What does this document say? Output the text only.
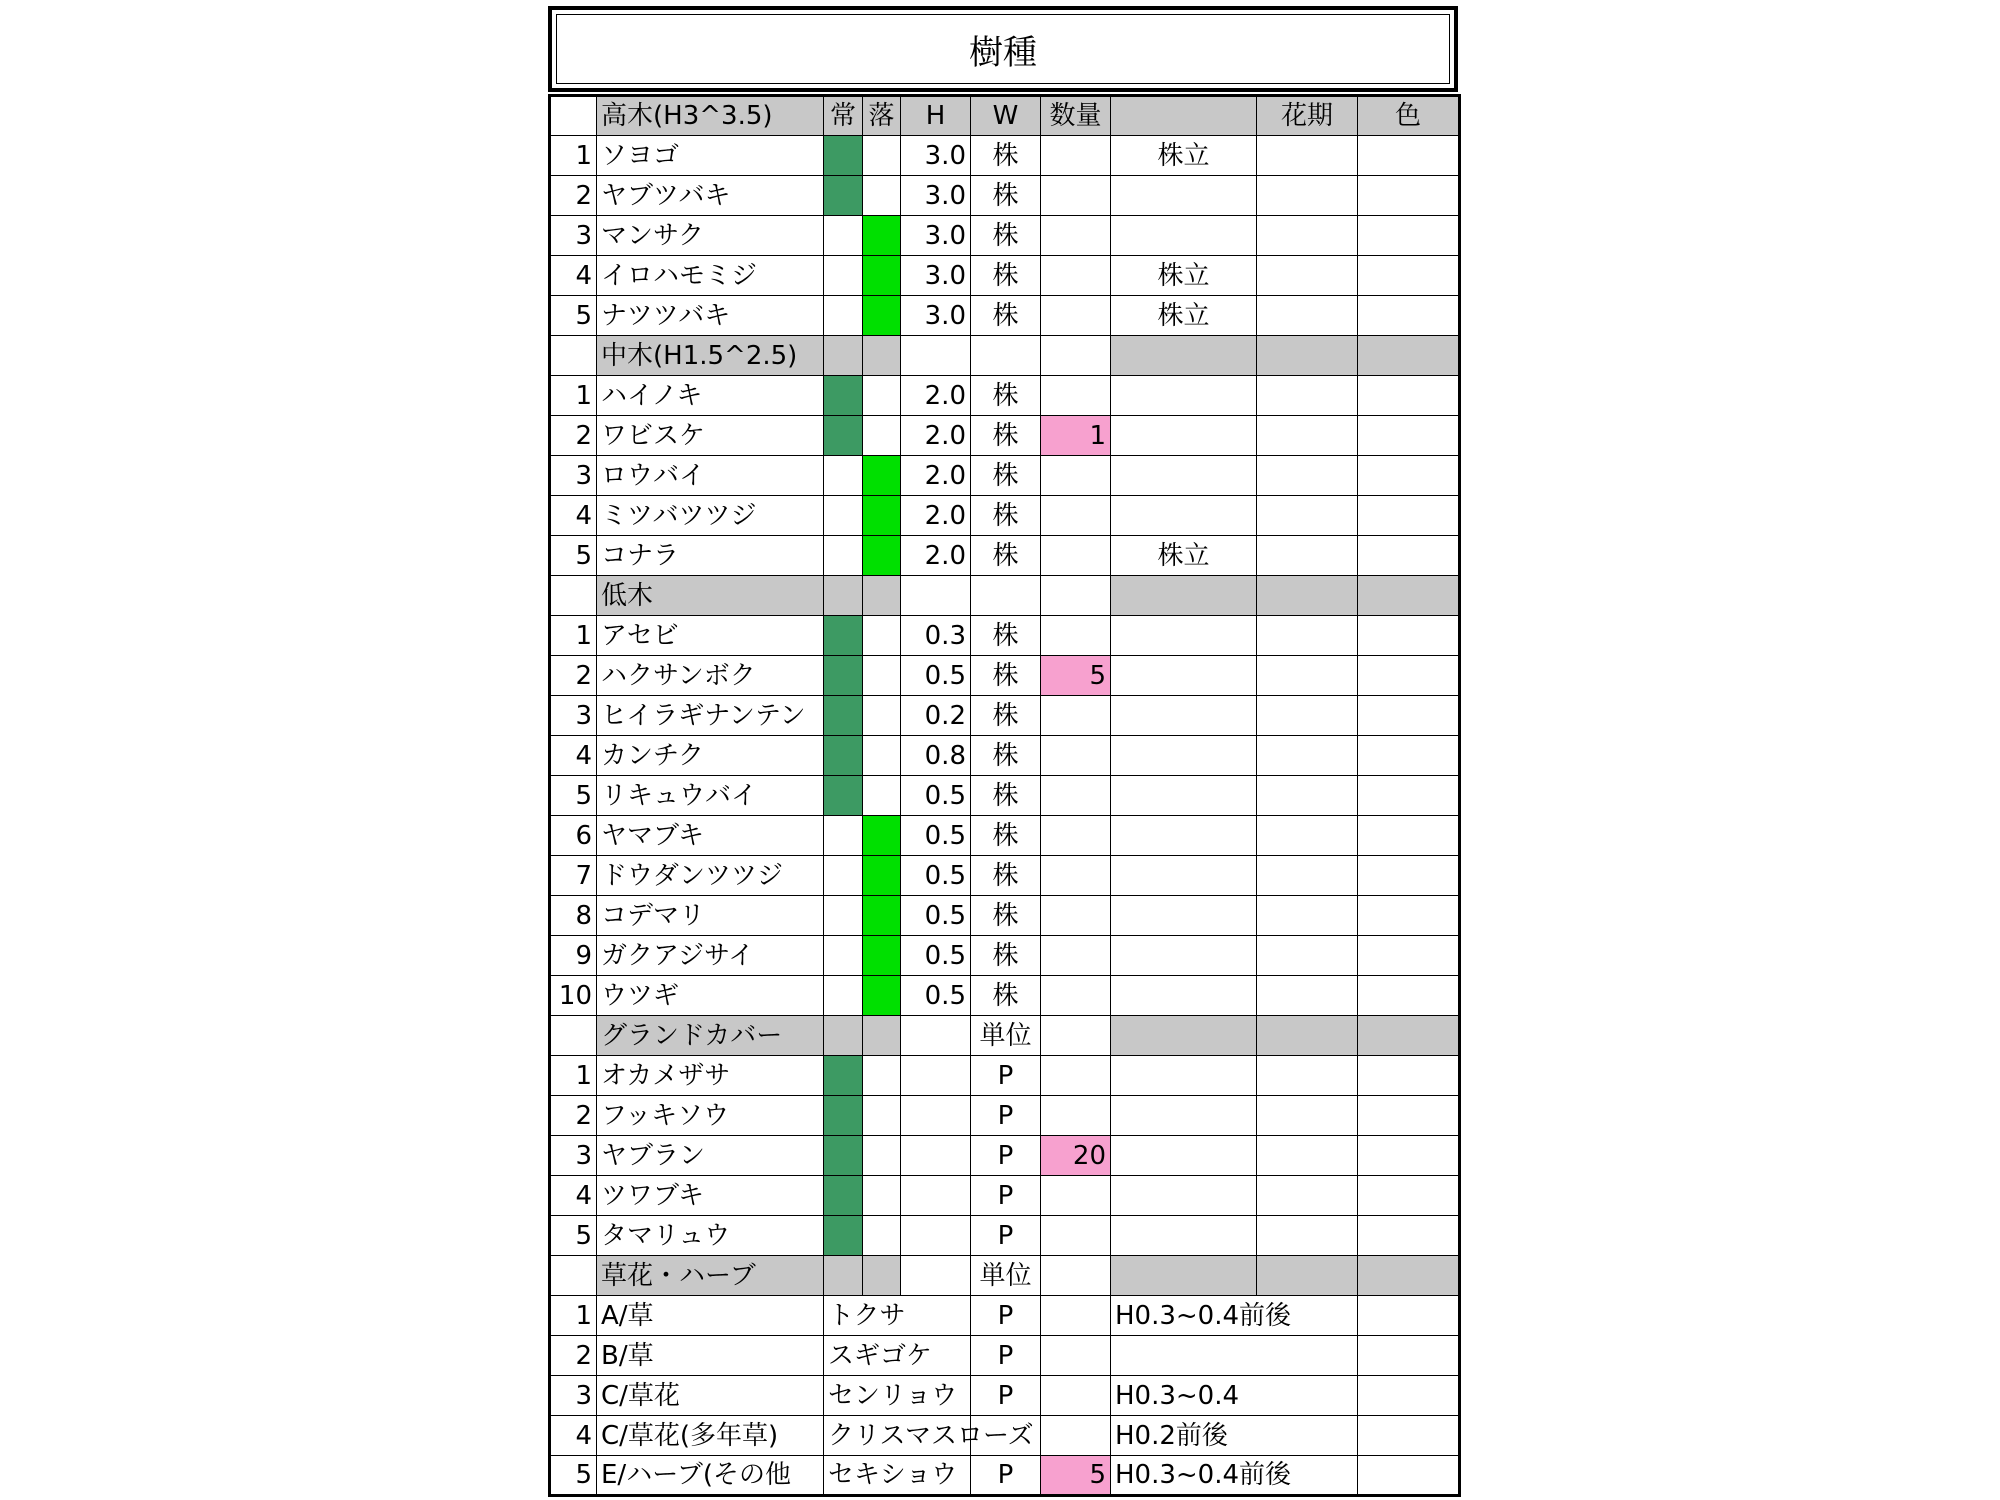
樹種
	高木(H3^3.5)	常	落	H	W	数量		花期	色
1	ソヨゴ			3.0	株		株立		
2	ヤブツバキ			3.0	株				
3	マンサク			3.0	株				
4	イロハモミジ			3.0	株		株立		
5	ナツツバキ			3.0	株		株立		
	中木(H1.5^2.5)								
1	ハイノキ			2.0	株				
2	ワビスケ			2.0	株	1			
3	ロウバイ			2.0	株				
4	ミツバツツジ			2.0	株				
5	コナラ			2.0	株		株立		
	低木								
1	アセビ			0.3	株				
2	ハクサンボク			0.5	株	5			
3	ヒイラギナンテン			0.2	株				
4	カンチク			0.8	株				
5	リキュウバイ			0.5	株				
6	ヤマブキ			0.5	株				
7	ドウダンツツジ			0.5	株				
8	コデマリ			0.5	株				
9	ガクアジサイ			0.5	株				
10	ウツギ			0.5	株				
	グランドカバー				単位				
1	オカメザサ				P				
2	フッキソウ				P				
3	ヤブラン				P	20			
4	ツワブキ				P				
5	タマリュウ				P				
	草花・ハーブ				単位				
1	A/草	トクサ			P		H0.3~0.4前後		
2	B/草	スギゴケ			P				
3	C/草花	センリョウ			P		H0.3~0.4		
4	C/草花(多年草)	クリスマスローズ					H0.2前後		
5	E/ハーブ(その他	セキショウ			P	5	H0.3~0.4前後		
